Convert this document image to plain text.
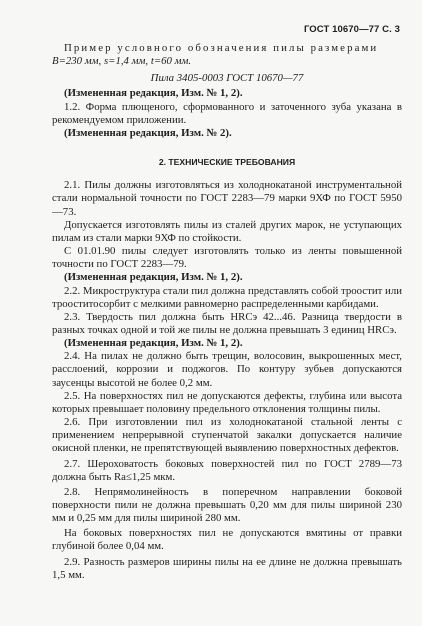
ГОСТ 10670—77 С. 3

Пример условного обозначения пилы размерами

B=230 мм, s=1,4 мм, t=60 мм.

Пила 3405-0003 ГОСТ 10670—77

(Измененная редакция, Изм. № 1, 2).

1.2. Форма плющеного, сформованного и заточенного зуба указана в рекомендуемом приложении.

(Измененная редакция, Изм. № 2).

2. ТЕХНИЧЕСКИЕ ТРЕБОВАНИЯ

2.1. Пилы должны изготовляться из холоднокатаной инструментальной стали нормальной точности по ГОСТ 2283—79 марки 9ХФ по ГОСТ 5950—73.

Допускается изготовлять пилы из сталей других марок, не уступающих пилам из стали марки 9ХФ по стойкости.

С 01.01.90 пилы следует изготовлять только из ленты повышенной точности по ГОСТ 2283—79.

(Измененная редакция, Изм. № 1, 2).

2.2. Микроструктура стали пил должна представлять собой троостит или трооститосорбит с мелкими равномерно распределенными карбидами.

2.3. Твердость пил должна быть HRCэ 42...46. Разница твердости в разных точках одной и той же пилы не должна превышать 3 единиц HRCэ.

(Измененная редакция, Изм. № 1, 2).

2.4. На пилах не должно быть трещин, волосовин, выкрошенных мест, расслоений, коррозии и поджогов. По контуру зубьев допускаются заусенцы высотой не более 0,2 мм.

2.5. На поверхностях пил не допускаются дефекты, глубина или высота которых превышает половину предельного отклонения толщины пилы.

2.6. При изготовлении пил из холоднокатаной стальной ленты с применением непрерывной ступенчатой закалки допускается наличие окисной пленки, не препятствующей выявлению поверхностных дефектов.

2.7. Шероховатость боковых поверхностей пил по ГОСТ 2789—73 должна быть Ra≤1,25 мкм.

2.8. Непрямолинейность в поперечном направлении боковой поверхности пили не должна превышать 0,20 мм для пилы шириной 230 мм и 0,25 мм для пилы шириной 280 мм.

На боковых поверхностях пил не допускаются вмятины от правки глубиной более 0,04 мм.

2.9. Разность размеров ширины пилы на ее длине не должна превышать 1,5 мм.
